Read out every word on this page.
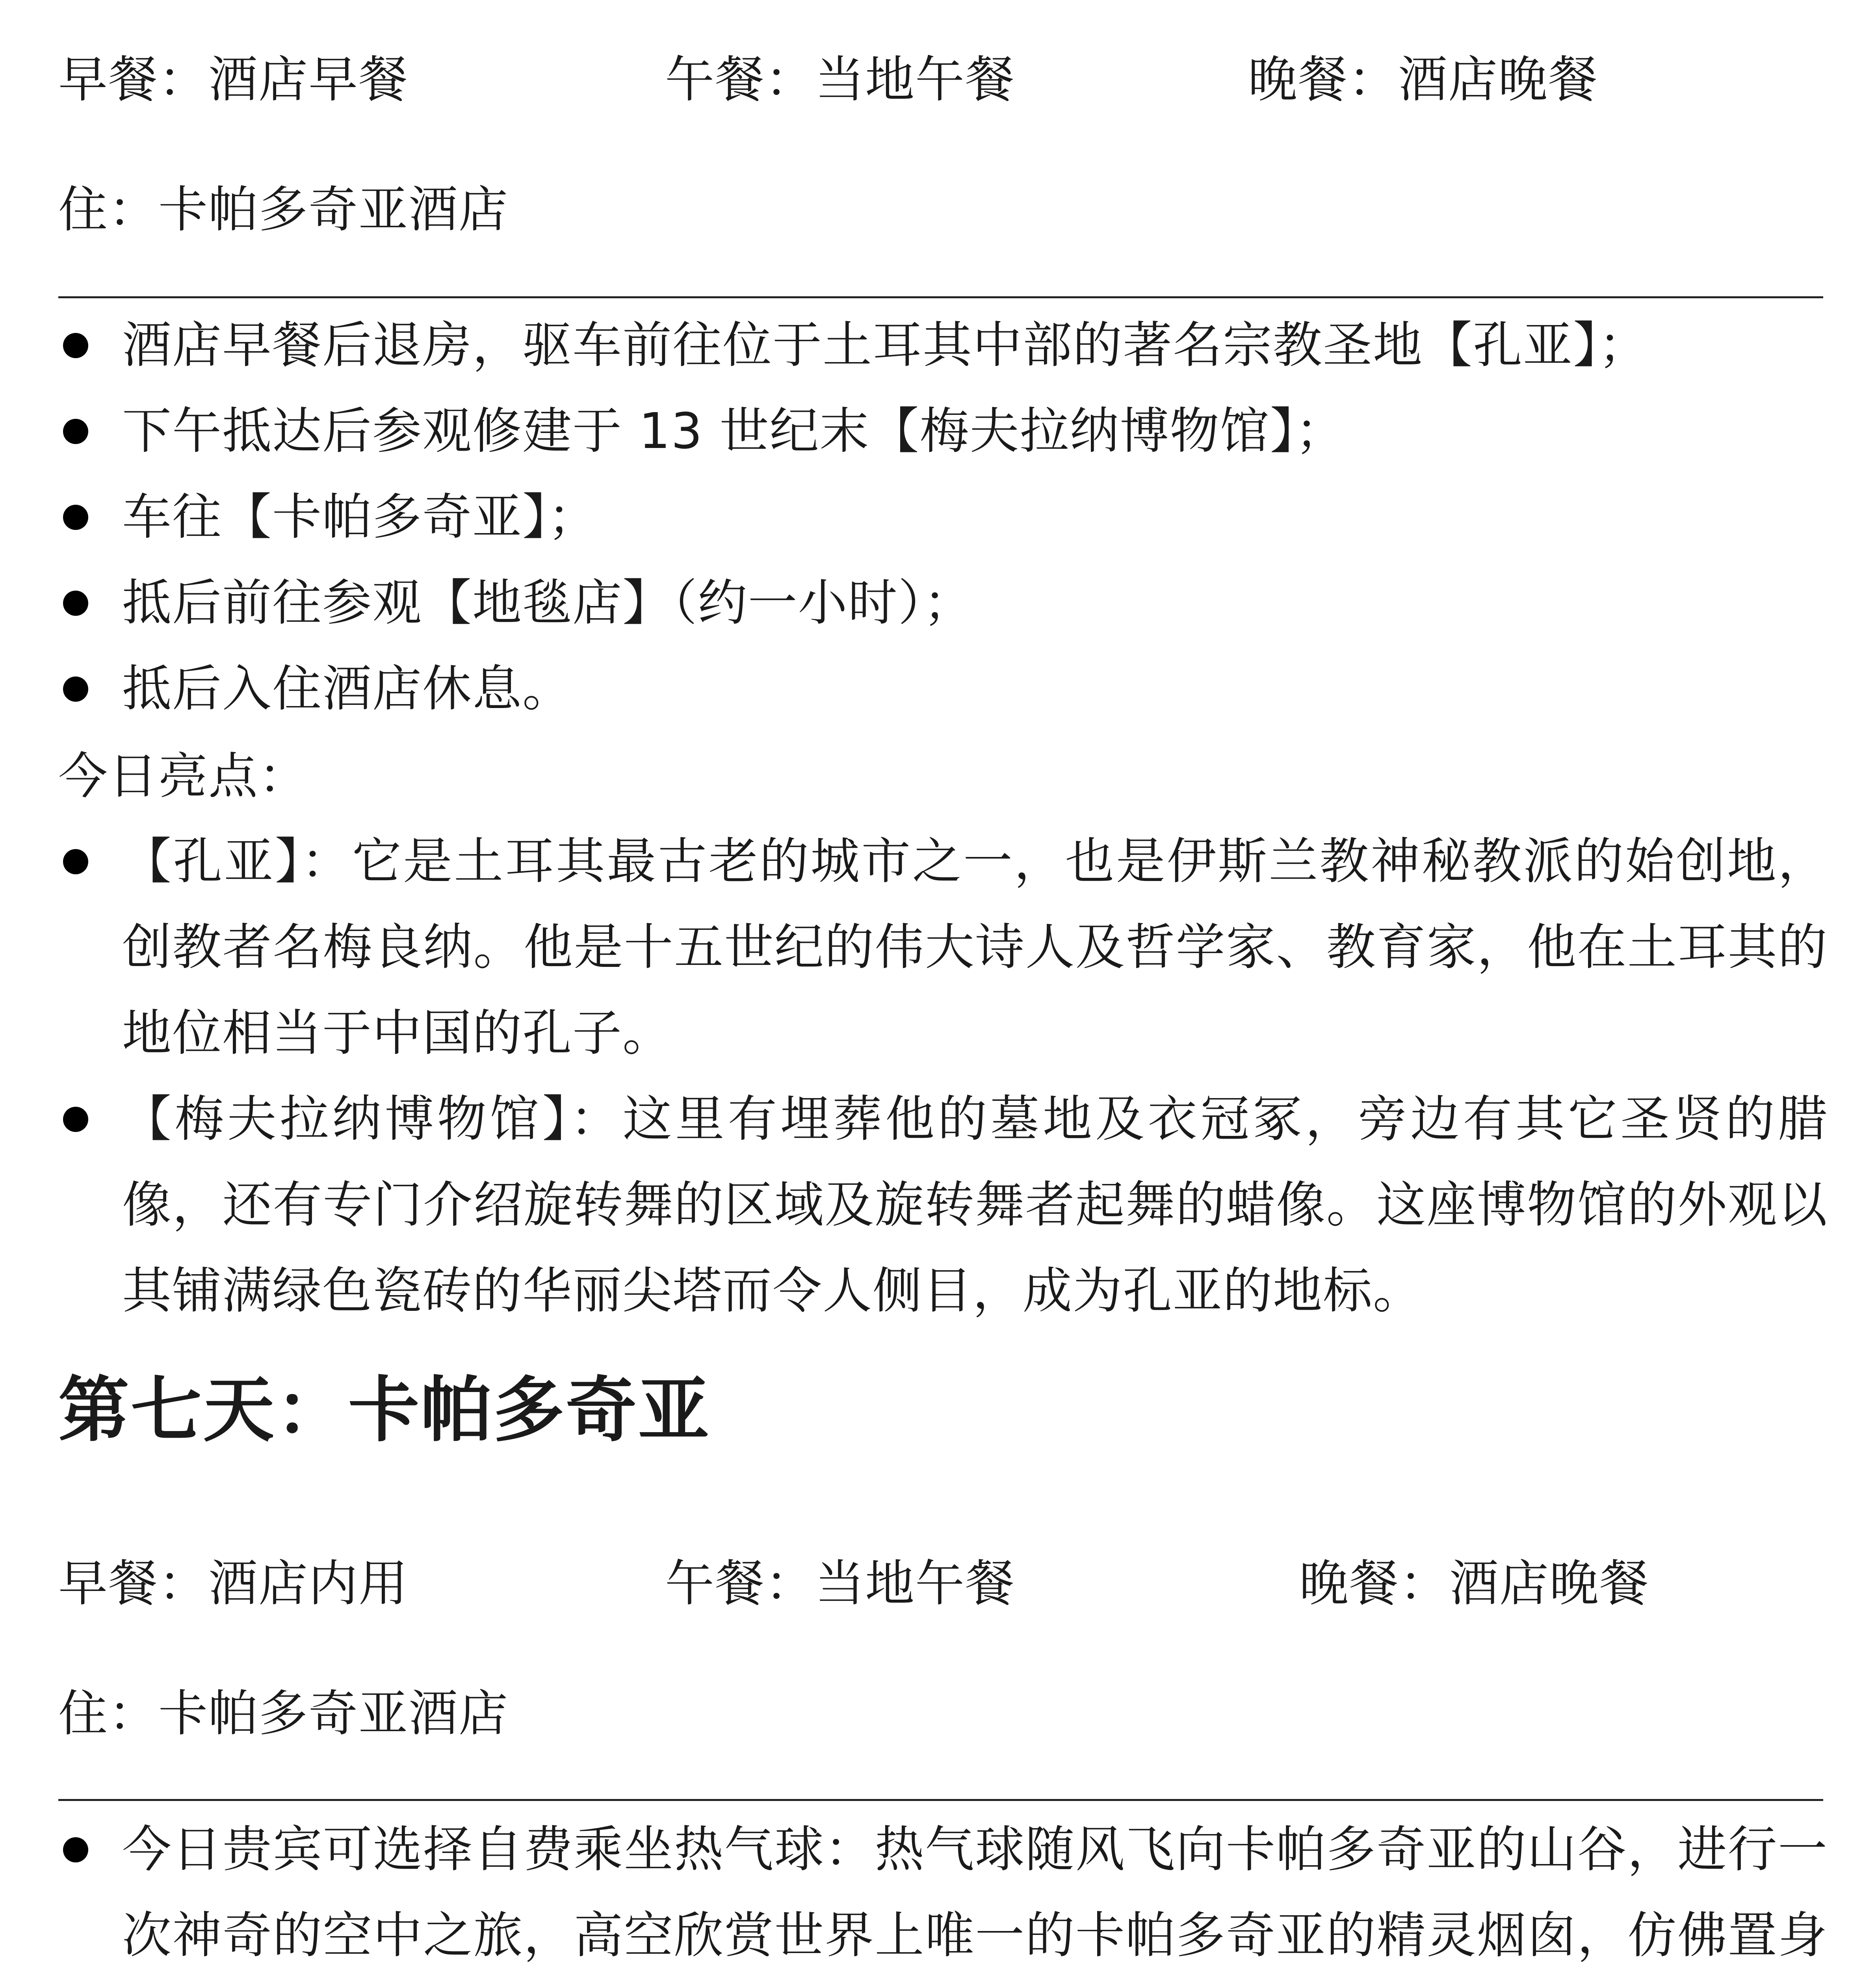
早餐：酒店早餐	午餐：当地午餐	晚餐：酒店晚餐
住：卡帕多奇亚酒店
酒店早餐后退房，驱车前往位于土耳其中部的著名宗教圣地【孔亚】；
下午抵达后参观修建于 13 世纪末【梅夫拉纳博物馆】；
车往【卡帕多奇亚】；
抵后前往参观【地毯店】（约一小时）；
抵后入住酒店休息。
今日亮点：
【孔亚】：它是土耳其最古老的城市之一，也是伊斯兰教神秘教派的始创地，创教者名梅良纳。他是十五世纪的伟大诗人及哲学家、教育家，他在土耳其的地位相当于中国的孔子。
【梅夫拉纳博物馆】：这里有埋葬他的墓地及衣冠冢，旁边有其它圣贤的腊像，还有专门介绍旋转舞的区域及旋转舞者起舞的蜡像。这座博物馆的外观以其铺满绿色瓷砖的华丽尖塔而令人侧目，成为孔亚的地标。
第七天：卡帕多奇亚
早餐：酒店内用	午餐：当地午餐	晚餐：酒店晚餐
住：卡帕多奇亚酒店
今日贵宾可选择自费乘坐热气球：热气球随风飞向卡帕多奇亚的山谷，进行一次神奇的空中之旅，高空欣赏世界上唯一的卡帕多奇亚的精灵烟囱，仿佛置身
